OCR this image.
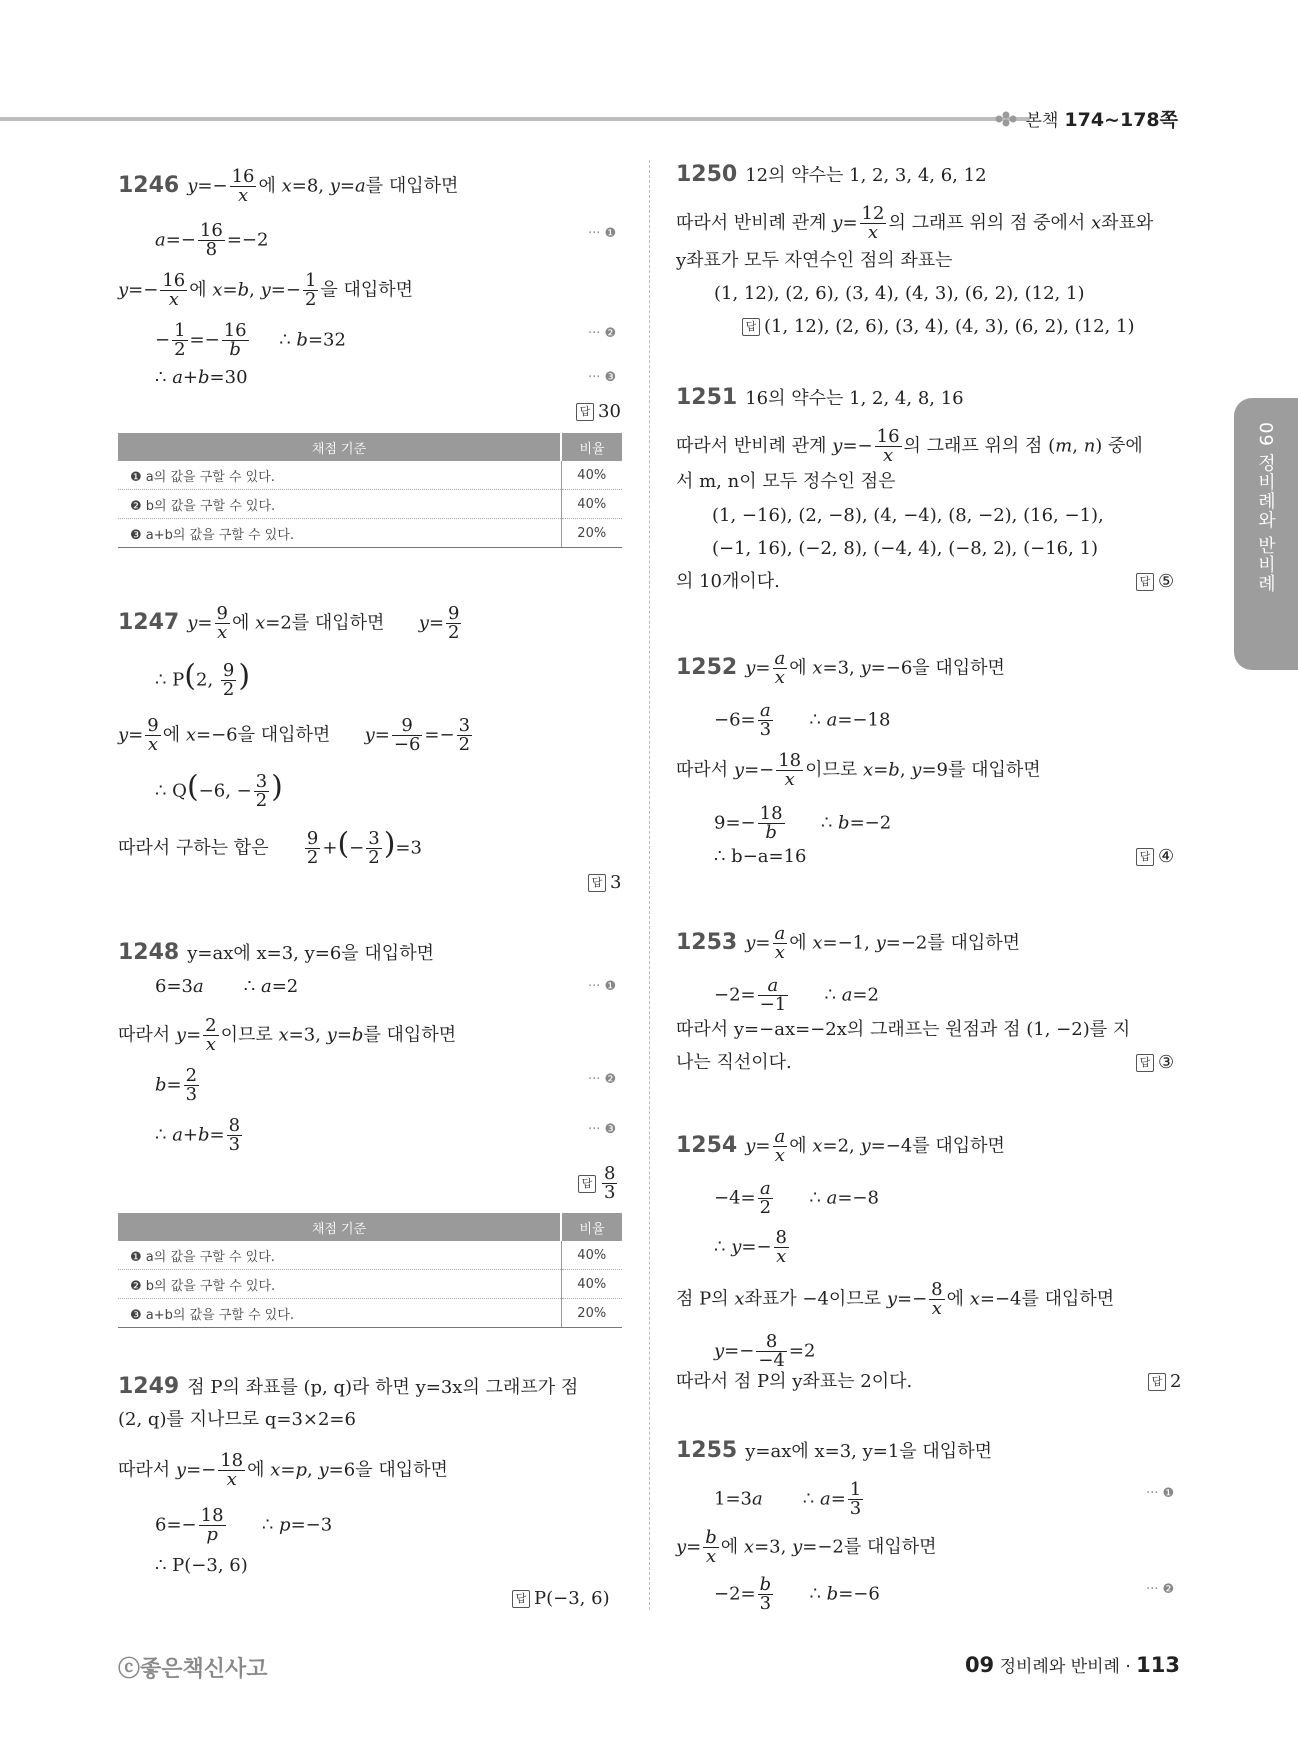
본책 174~178쪽
09 정비례와 반비례
1246 $y=- \frac{16}{x}$ 에 x=8, y=a를 대입하면
$a=- \frac{16}{8} =-2$	··· ❶
$y=- \frac{16}{x}$ 에 x=b, $y=- \frac{1}{2}$ 을 대입하면
− $\frac{1}{2} =- \frac{16}{b}$ ∴ b=32	··· ❷
∴ a+b=30	··· ❸
답 30
채점 기준	비율
❶ a의 값을 구할 수 있다.	40%
❷ b의 값을 구할 수 있다.	40%
❸ a+b의 값을 구할 수 있다.	20%
1247 $y= \frac{9}{x}$ 에 x=2를 대입하면      $y= \frac{9}{2}$
∴ P(2, $\frac{9}{2}$ )
$y= \frac{9}{x}$ 에 x=−6을 대입하면      $y= \frac{9}{-6} =- \frac{3}{2}$
∴ Q(−6, − $\frac{3}{2}$ )
따라서 구하는 합은 $\frac{9}{2}$ +(− $\frac{3}{2} )=3$
답 3
1248 y=ax에 x=3, y=6을 대입하면
6=3a       ∴ a=2	··· ❶
따라서 $y= \frac{2}{x}$ 이므로 x=3, y=b를 대입하면
$b= \frac{2}{3}$	··· ❷
∴ $a+b= \frac{8}{3}$	··· ❸
답 $\frac{8}{3}$
채점 기준	비율
❶ a의 값을 구할 수 있다.	40%
❷ b의 값을 구할 수 있다.	40%
❸ a+b의 값을 구할 수 있다.	20%
1249 점 P의 좌표를 (p, q)라 하면 y=3x의 그래프가 점
(2, q)를 지나므로 q=3×2=6
따라서 $y=- \frac{18}{x}$ 에 x=p, y=6을 대입하면
$6=- \frac{18}{p}$ ∴ p=−3
∴ P(−3, 6)
답 P(−3, 6)
1250 12의 약수는 1, 2, 3, 4, 6, 12
따라서 반비례 관계 $y= \frac{12}{x}$ 의 그래프 위의 점 중에서 x좌표와
y좌표가 모두 자연수인 점의 좌표는
(1, 12), (2, 6), (3, 4), (4, 3), (6, 2), (12, 1)
답 (1, 12), (2, 6), (3, 4), (4, 3), (6, 2), (12, 1)
1251 16의 약수는 1, 2, 4, 8, 16
따라서 반비례 관계 $y=- \frac{16}{x}$ 의 그래프 위의 점 (m, n) 중에
서 m, n이 모두 정수인 점은
(1, −16), (2, −8), (4, −4), (8, −2), (16, −1),
(−1, 16), (−2, 8), (−4, 4), (−8, 2), (−16, 1)
의 10개이다.	답 ⑤
1252 $y= \frac{a}{x}$ 에 x=3, y=−6을 대입하면
$-6= \frac{a}{3}$ ∴ a=−18
따라서 $y=- \frac{18}{x}$ 이므로 x=b, y=9를 대입하면
$9=- \frac{18}{b}$ ∴ b=−2
∴ b−a=16	답 ④
1253 $y= \frac{a}{x}$ 에 x=−1, y=−2를 대입하면
$-2= \frac{a}{-1}$ ∴ a=2
따라서 y=−ax=−2x의 그래프는 원점과 점 (1, −2)를 지
나는 직선이다.	답 ③
1254 $y= \frac{a}{x}$ 에 x=2, y=−4를 대입하면
$-4= \frac{a}{2}$ ∴ a=−8
∴ $y=- \frac{8}{x}$
점 P의 x좌표가 −4이므로 $y=- \frac{8}{x}$ 에 x=−4를 대입하면
$y=- \frac{8}{-4} =2$
따라서 점 P의 y좌표는 2이다.	답 2
1255 y=ax에 x=3, y=1을 대입하면
1=3a       ∴ $a= \frac{1}{3}$	··· ❶
$y= \frac{b}{x}$ 에 x=3, y=−2를 대입하면
$-2= \frac{b}{3}$ ∴ b=−6	··· ❷
ⓒ좋은책신사고	09 정비례와 반비례 · 113
